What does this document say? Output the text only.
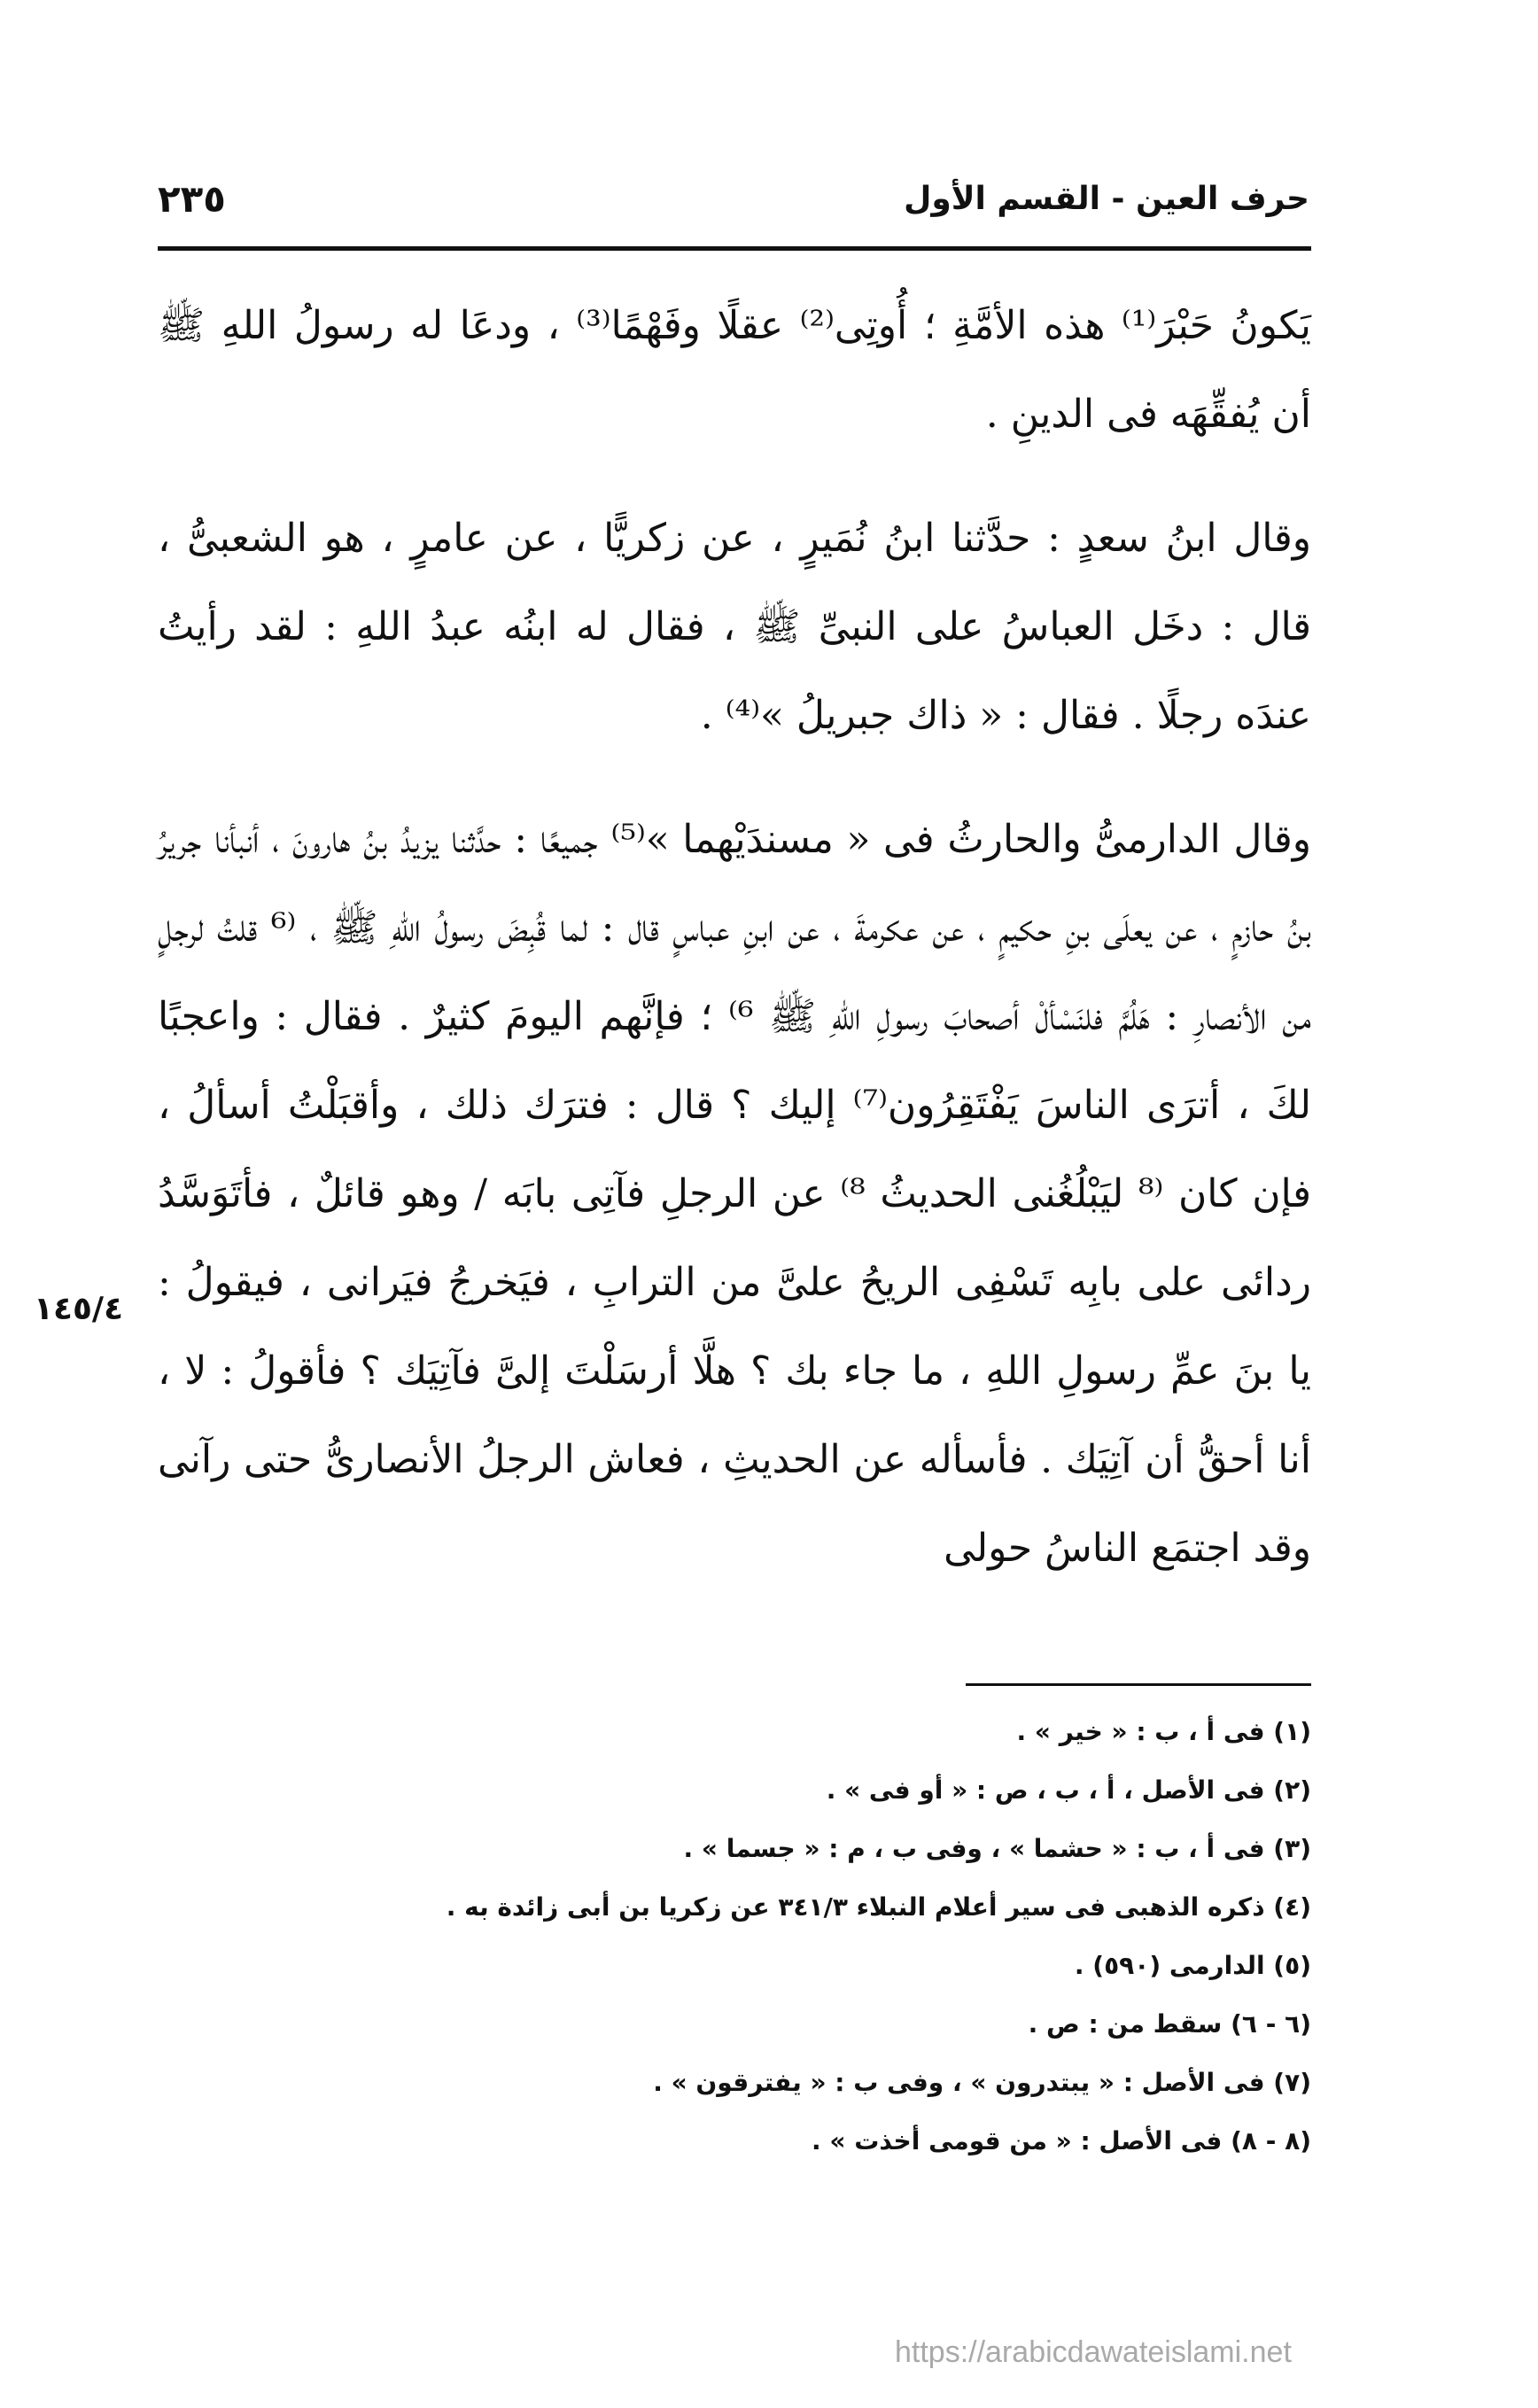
٢٣٥	حرف العين - القسم الأول

يَكونُ حَبْرَ⁽¹⁾ هذه الأمَّةِ ؛ أُوتِى⁽²⁾ عقلًا وفَهْمًا⁽³⁾ ، ودعَا له رسولُ اللهِ ﷺ أن يُفقِّهَه فى الدينِ .

وقال ابنُ سعدٍ : حدَّثنا ابنُ نُمَيرٍ ، عن زكريًّا ، عن عامرٍ ، هو الشعبىُّ ، قال : دخَل العباسُ على النبىِّ ﷺ ، فقال له ابنُه عبدُ اللهِ : لقد رأيتُ عندَه رجلًا . فقال : « ذاك جبريلُ »⁽⁴⁾ .

وقال الدارمىُّ والحارثُ فى « مسندَيْهما »⁽⁵⁾ جميعًا : حدَّثنا يزيدُ بنُ هارونَ ، أنبأنا جريرُ بنُ حازمٍ ، عن يعلَى بنِ حكيمٍ ، عن عكرمةَ ، عن ابنِ عباسٍ قال : لما قُبِضَ رسولُ اللهِ ﷺ ، ⁽⁶ قلتُ لرجلٍ من الأنصارِ : هَلُمَّ فلنَسْألْ أصحابَ رسولِ اللهِ ﷺ ⁶⁾ ؛ فإنَّهم اليومَ كثيرٌ . فقال : واعجبًا لكَ ، أترَى الناسَ يَفْتَقِرُون⁽⁷⁾ إليك ؟ قال : فترَك ذلك ، وأقبَلْتُ أسألُ ، فإن كان ⁽⁸ ليَبْلُغُنى الحديثُ ⁸⁾ عن الرجلِ فآتِى بابَه / وهو قائلٌ ، فأتَوَسَّدُ ردائى على بابِه تَسْفِى الريحُ علىَّ من الترابِ ، فيَخرجُ فيَرانى ، فيقولُ : يا بنَ عمِّ رسولِ اللهِ ، ما جاء بك ؟ هلَّا أرسَلْتَ إلىَّ فآتِيَك ؟ فأقولُ : لا ، أنا أحقُّ أن آتِيَك . فأسأله عن الحديثِ ، فعاش الرجلُ الأنصارىُّ حتى رآنى وقد اجتمَع الناسُ حولى

١٤٥/٤
(١) فى أ ، ب : « خير » .
(٢) فى الأصل ، أ ، ب ، ص : « أو فى » .
(٣) فى أ ، ب : « حشما » ، وفى ب ، م : « جسما » .
(٤) ذكره الذهبى فى سير أعلام النبلاء ٣٤١/٣ عن زكريا بن أبى زائدة به .
(٥) الدارمى (٥٩٠) .
(٦ - ٦) سقط من : ص .
(٧) فى الأصل : « يبتدرون » ، وفى ب : « يفترقون » .
(٨ - ٨) فى الأصل : « من قومى أخذت » .
https://arabicdawateislami.net
